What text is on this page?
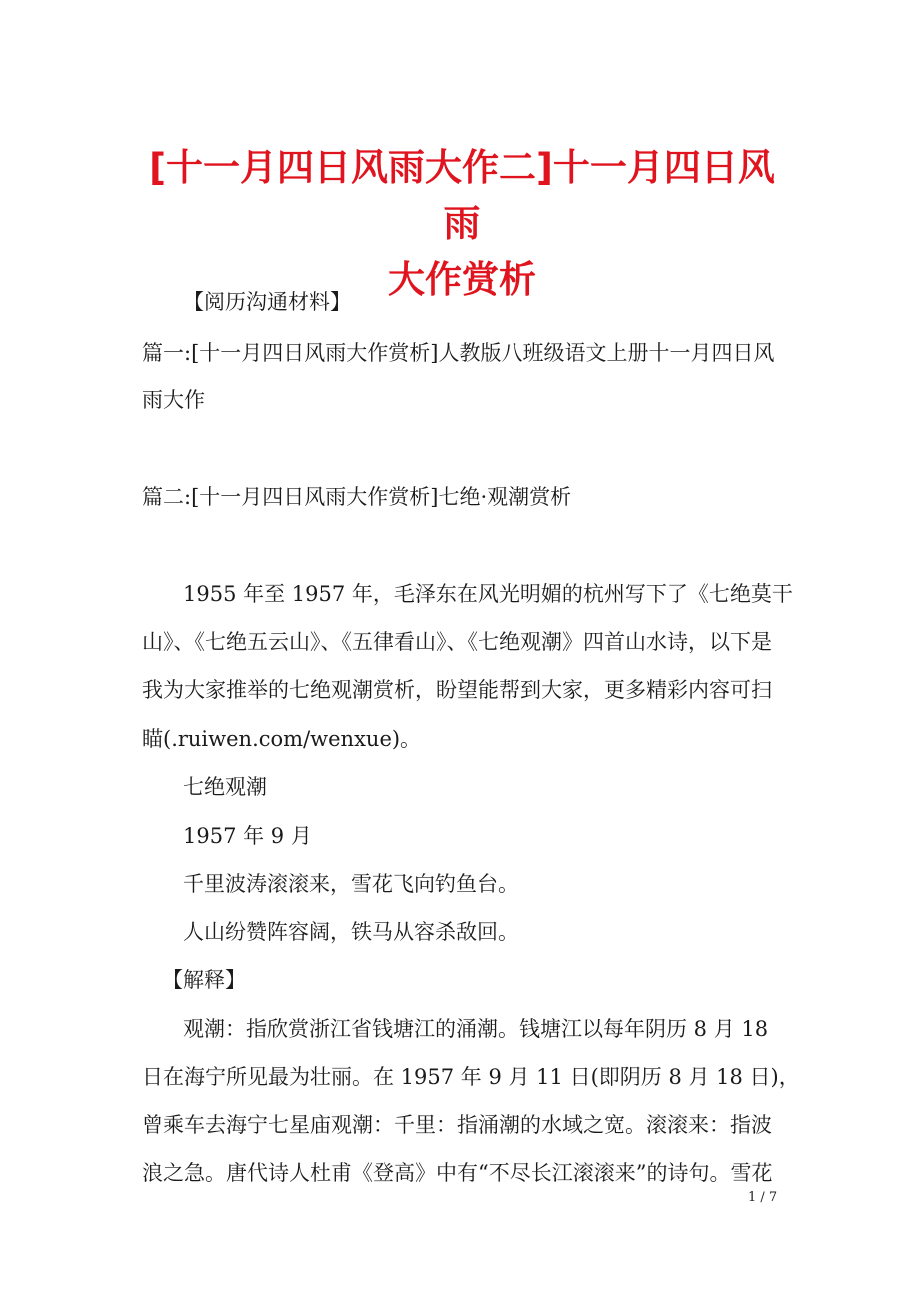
[十一月四日风雨大作二]十一月四日风雨
大作赏析
【阅历沟通材料】
篇一:[十一月四日风雨大作赏析]人教版八班级语文上册十一月四日风
雨大作
篇二:[十一月四日风雨大作赏析]七绝·观潮赏析
1955 年至 1957 年，毛泽东在风光明媚的杭州写下了《七绝莫干
山》、《七绝五云山》、《五律看山》、《七绝观潮》四首山水诗，以下是
我为大家推举的七绝观潮赏析，盼望能帮到大家，更多精彩内容可扫
瞄(.ruiwen.com/wenxue)。
七绝观潮
1957 年 9 月
千里波涛滚滚来，雪花飞向钓鱼台。
人山纷赞阵容阔，铁马从容杀敌回。
【解释】
观潮：指欣赏浙江省钱塘江的涌潮。钱塘江以每年阴历 8 月 18
日在海宁所见最为壮丽。在 1957 年 9 月 11 日(即阴历 8 月 18 日)，
曾乘车去海宁七星庙观潮：千里：指涌潮的水域之宽。滚滚来：指波
浪之急。唐代诗人杜甫《登高》中有“不尽长江滚滚来”的诗句。雪花
1 / 7
